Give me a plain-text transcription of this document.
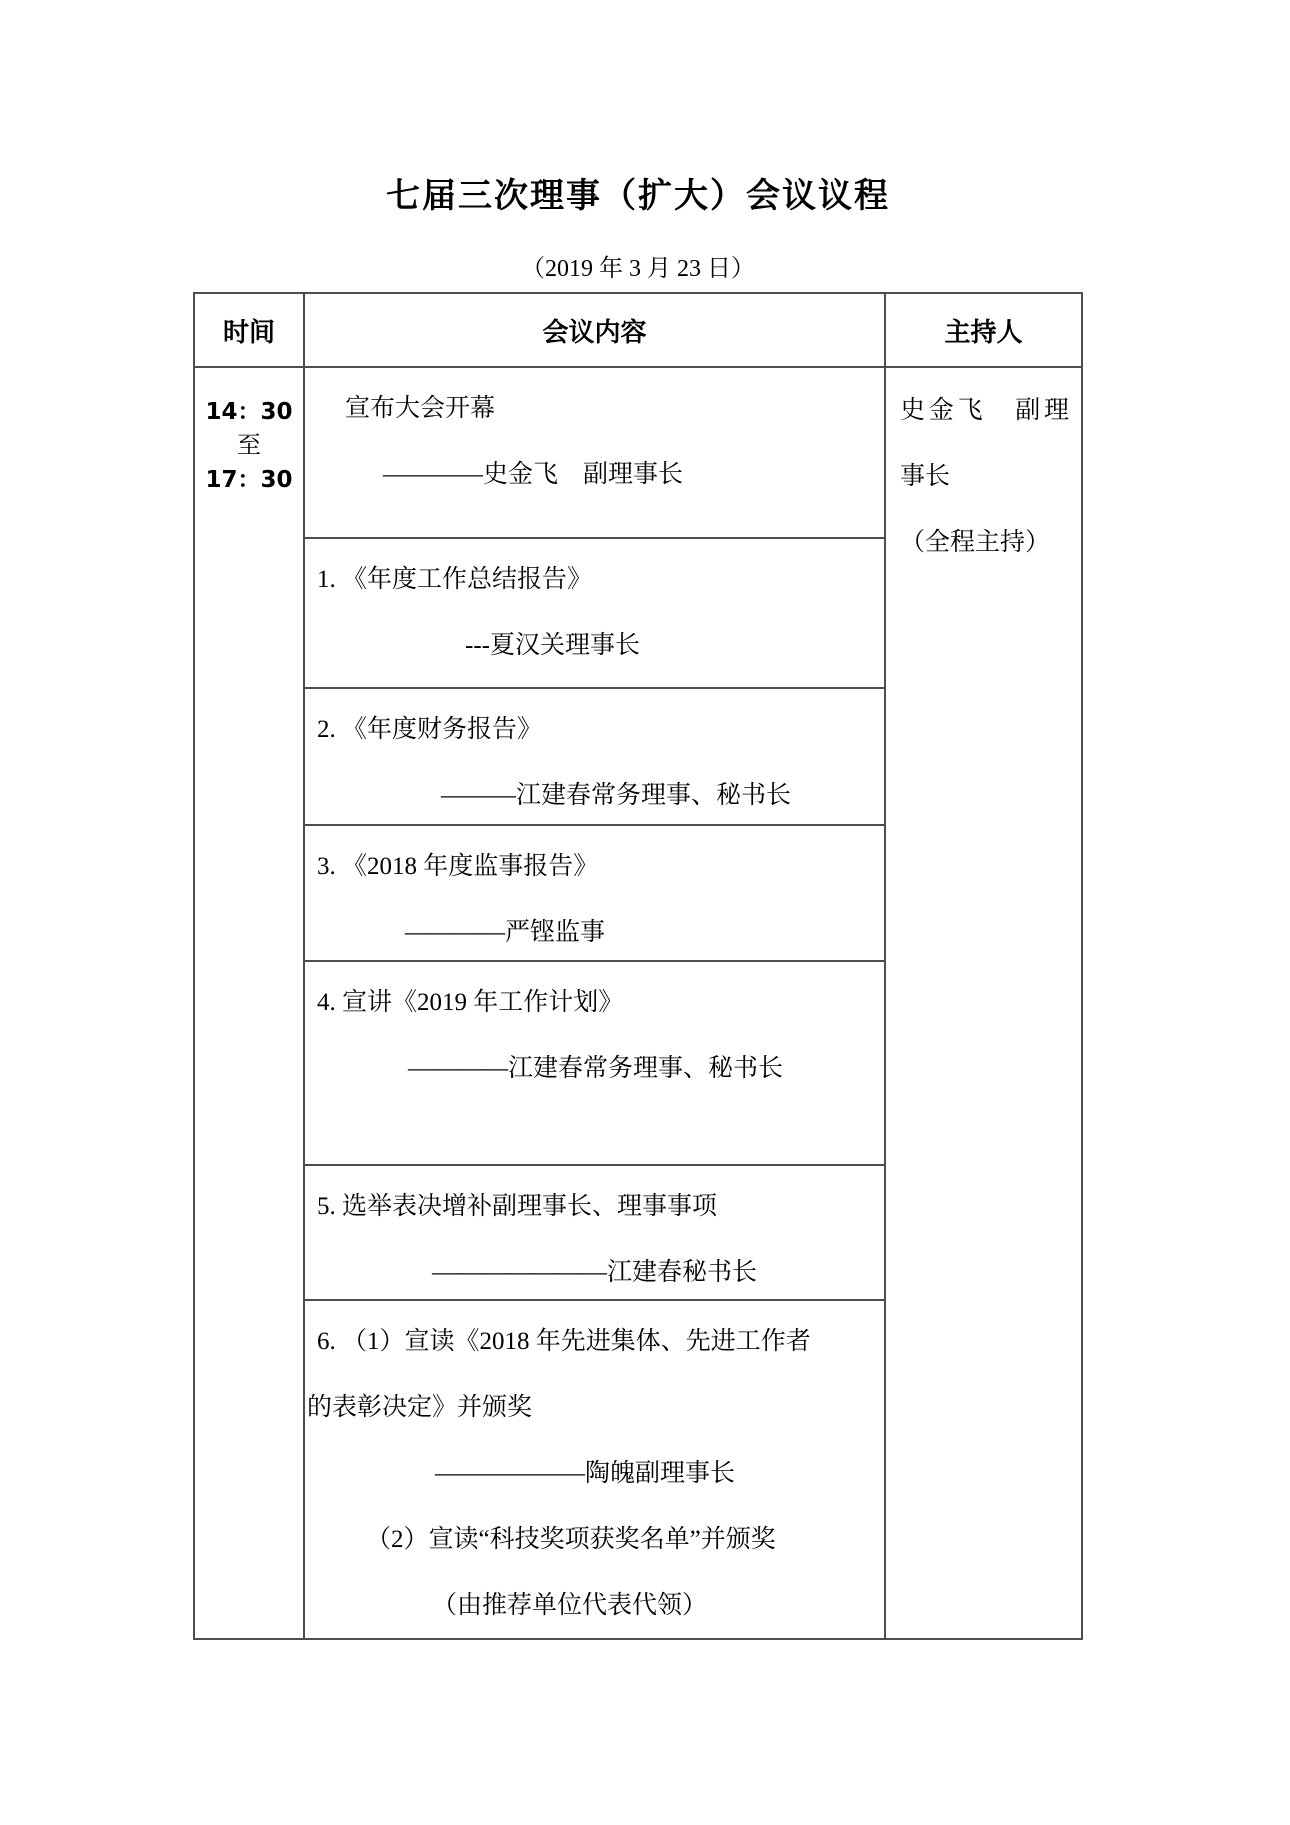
七届三次理事（扩大）会议议程
（2019 年 3 月 23 日）
时间
14：30
至
17：30
会议内容
宣布大会开幕
————史金飞　副理事长
1. 《年度工作总结报告》
---夏汉关理事长
2. 《年度财务报告》
———江建春常务理事、秘书长
3. 《2018 年度监事报告》
————严铿监事
4. 宣讲《2019 年工作计划》
————江建春常务理事、秘书长
5. 选举表决增补副理事长、理事事项
———————江建春秘书长
6. （1）宣读《2018 年先进集体、先进工作者
的表彰决定》并颁奖
——————陶魄副理事长
（2）宣读“科技奖项获奖名单”并颁奖
（由推荐单位代表代领）
主持人
史金飞　副理事长
（全程主持）
